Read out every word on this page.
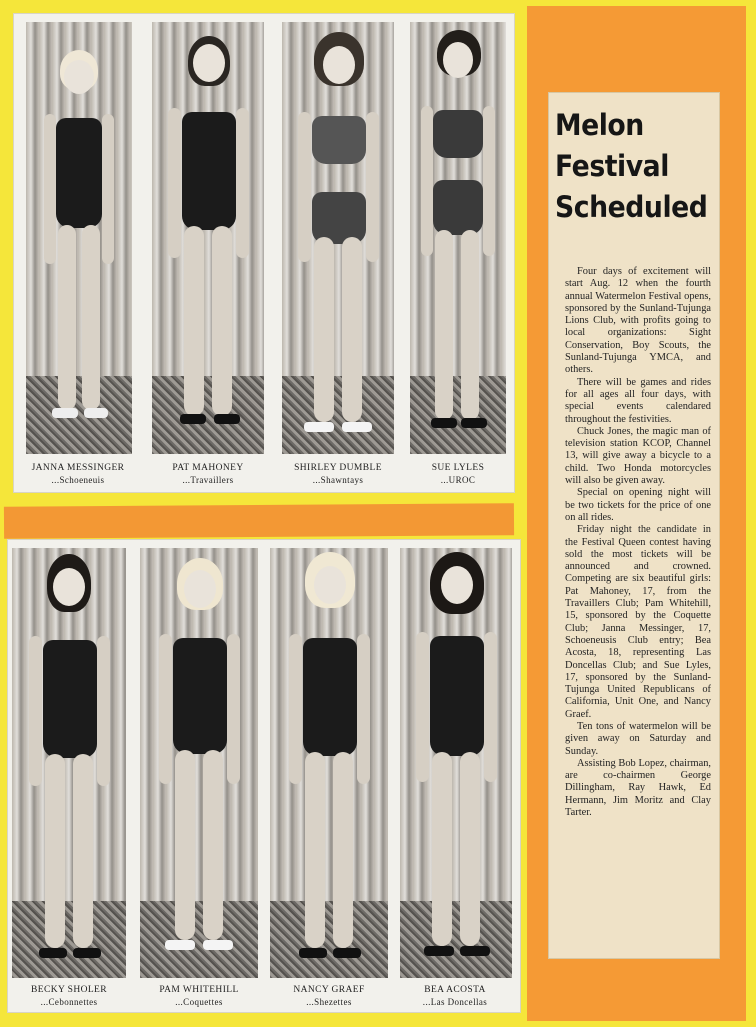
JANNA MESSINGER
...Schoeneuis
PAT MAHONEY
...Travaillers
SHIRLEY DUMBLE
...Shawntays
SUE LYLES
...UROC
BECKY SHOLER
...Cebonnettes
PAM WHITEHILL
...Coquettes
NANCY GRAEF
...Shezettes
BEA ACOSTA
...Las Doncellas
Melon
Festival
Scheduled

Four days of excitement will start Aug. 12 when the fourth annual Watermelon Festival opens, sponsored by the Sunland-Tujunga Lions Club, with profits going to local organizations: Sight Conservation, Boy Scouts, the Sunland-Tujunga YMCA, and others.

There will be games and rides for all ages all four days, with special events calendared throughout the festivities.

Chuck Jones, the magic man of television station KCOP, Channel 13, will give away a bicycle to a child. Two Honda motorcycles will also be given away.

Special on opening night will be two tickets for the price of one on all rides.

Friday night the candidate in the Festival Queen contest having sold the most tickets will be announced and crowned. Competing are six beautiful girls: Pat Mahoney, 17, from the Travaillers Club; Pam Whitehill, 15, sponsored by the Coquette Club; Janna Messinger, 17, Schoeneusis Club entry; Bea Acosta, 18, representing Las Doncellas Club; and Sue Lyles, 17, sponsored by the Sunland-Tujunga United Republicans of California, Unit One, and Nancy Graef.

Ten tons of watermelon will be given away on Saturday and Sunday.

Assisting Bob Lopez, chairman, are co-chairmen George Dillingham, Ray Hawk, Ed Hermann, Jim Moritz and Clay Tarter.
